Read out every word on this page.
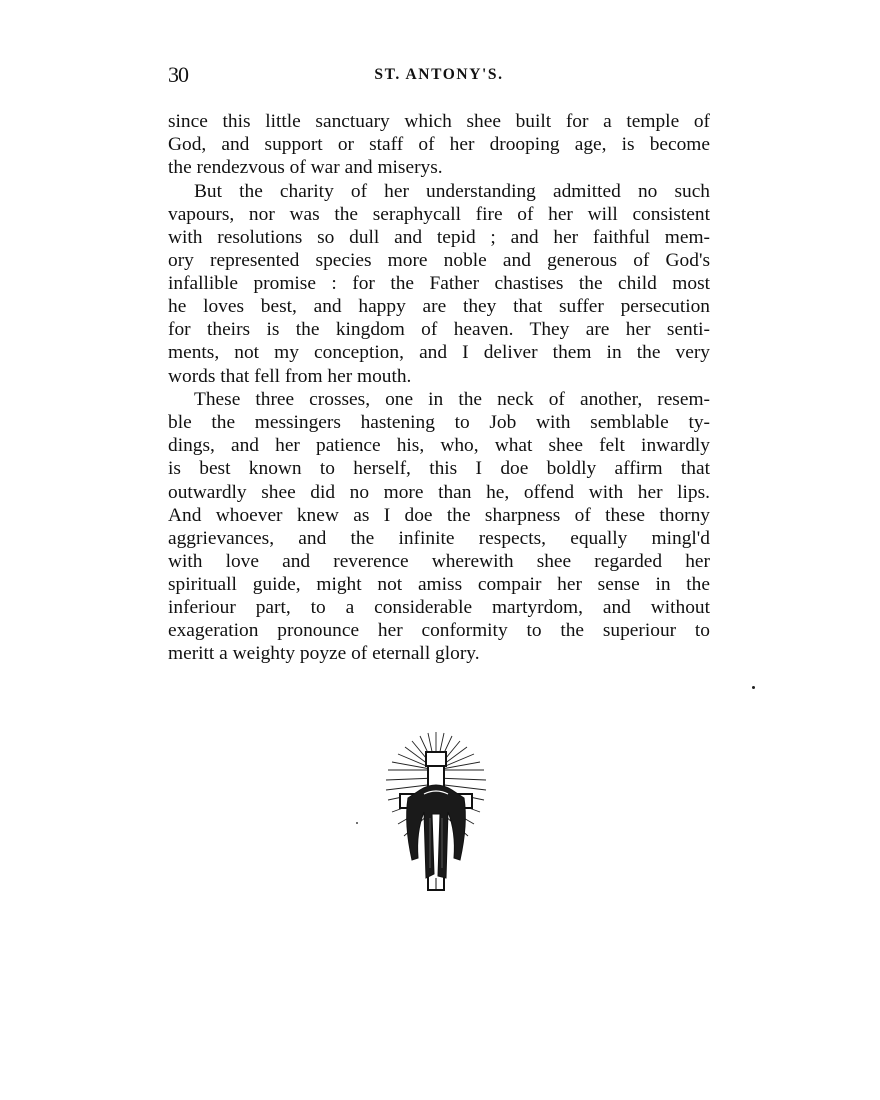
30	ST. ANTONY'S.
since this little sanctuary which shee built for a temple of
God, and support or staff of her drooping age, is become
the rendezvous of war and miserys.
But the charity of her understanding admitted no such
vapours, nor was the seraphycall fire of her will consistent
with resolutions so dull and tepid ; and her faithful mem-
ory represented species more noble and generous of God's
infallible promise : for the Father chastises the child most
he loves best, and happy are they that suffer persecution
for theirs is the kingdom of heaven. They are her senti-
ments, not my conception, and I deliver them in the very
words that fell from her mouth.
These three crosses, one in the neck of another, resem-
ble the messingers hastening to Job with semblable ty-
dings, and her patience his, who, what shee felt inwardly
is best known to herself, this I doe boldly affirm that
outwardly shee did no more than he, offend with her lips.
And whoever knew as I doe the sharpness of these thorny
aggrievances, and the infinite respects, equally mingl'd
with love and reverence wherewith shee regarded her
spirituall guide, might not amiss compair her sense in the
inferiour part, to a considerable martyrdom, and without
exageration pronounce her conformity to the superiour to
meritt a weighty poyze of eternall glory.
